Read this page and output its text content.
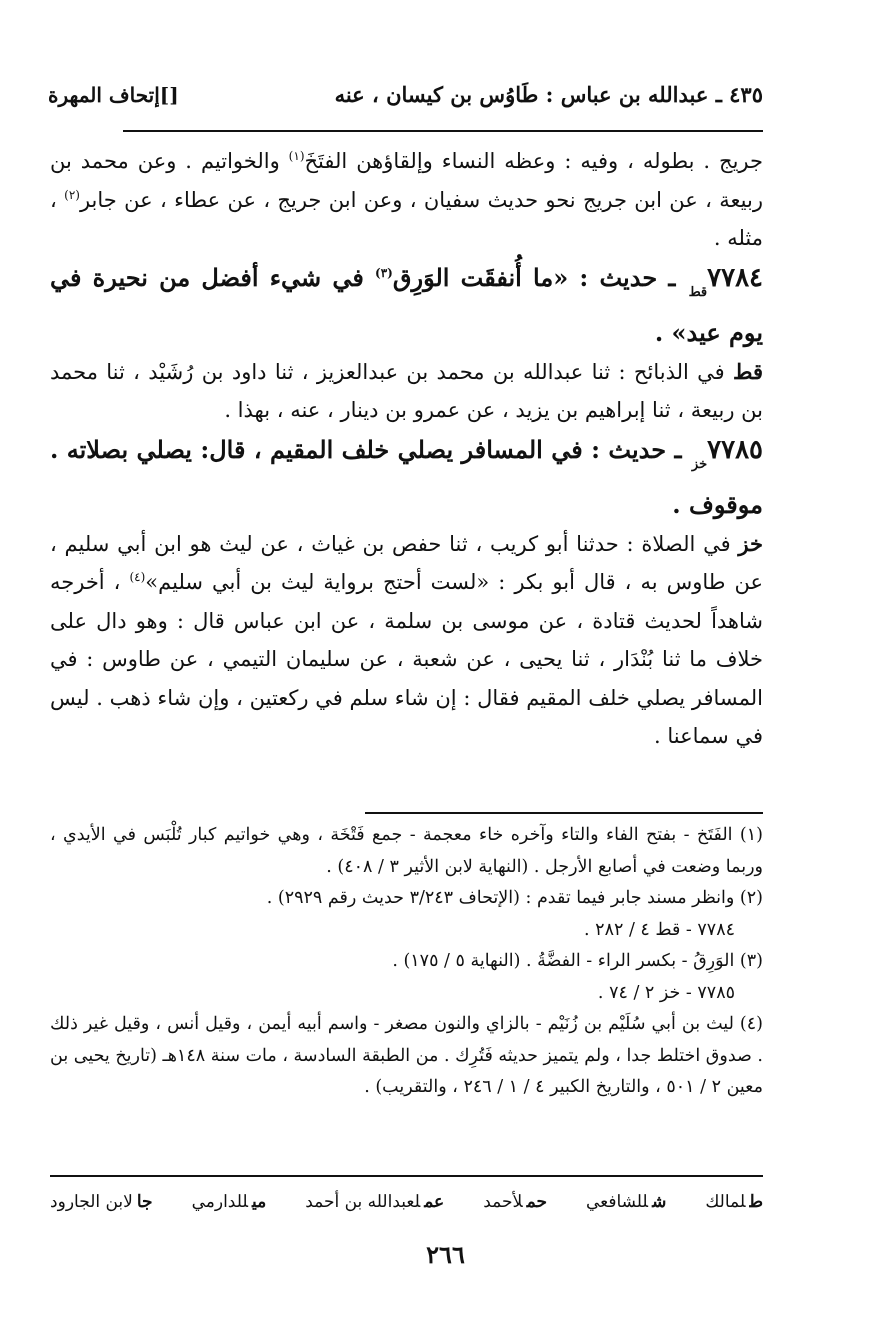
٤٣٥ ـ عبدالله بن عباس : طَاوُس بن كيسان ، عنه
[]إتحاف المهرة

جريج . بطوله ، وفيه : وعظه النساء وإلقاؤهن الفتَخَ$^{(١)}$ والخواتيم . وعن محمد بن ربيعة ، عن ابن جريج نحو حديث سفيان ، وعن ابن جريج ، عن عطاء ، عن جابر$^{(٢)}$ ، مثله .

$٧٧٨٤_{قط}$ ـ حديث : «ما أُنفقَت الوَرِق$^{(٣)}$ في شيء أفضل من نحيرة في يوم عيد» .

قط في الذبائح : ثنا عبدالله بن محمد بن عبدالعزيز ، ثنا داود بن رُشَيْد ، ثنا محمد بن ربيعة ، ثنا إبراهيم بن يزيد ، عن عمرو بن دينار ، عنه ، بهذا .

$٧٧٨٥_{خز}$ ـ حديث : في المسافر يصلي خلف المقيم ، قال: يصلي بصلاته . موقوف .

خز في الصلاة : حدثنا أبو كريب ، ثنا حفص بن غياث ، عن ليث هو ابن أبي سليم ، عن طاوس به ، قال أبو بكر : «لست أحتج برواية ليث بن أبي سليم»$^{(٤)}$ ، أخرجه شاهداً لحديث قتادة ، عن موسى بن سلمة ، عن ابن عباس قال : وهو دال على خلاف ما ثنا بُنْدَار ، ثنا يحيى ، عن شعبة ، عن سليمان التيمي ، عن طاوس : في المسافر يصلي خلف المقيم فقال : إن شاء سلم في ركعتين ، وإن شاء ذهب . ليس في سماعنا .

(١) الفَتَخ - بفتح الفاء والتاء وآخره خاء معجمة - جمع فَتْخَة ، وهي خواتيم كبار تُلْبَس في الأيدي ، وربما وضعت في أصابع الأرجل . (النهاية لابن الأثير ٣ / ٤٠٨) .

(٢) وانظر مسند جابر فيما تقدم : (الإتحاف ٣/٢٤٣ حديث رقم ٢٩٢٩) .

٧٧٨٤ - قط ٤ / ٢٨٢ .

(٣) الوَرِقُ - بكسر الراء - الفضَّةُ . (النهاية ٥ / ١٧٥) .

٧٧٨٥ - خز ٢ / ٧٤ .

(٤) ليث بن أبي سُلَيْم بن زُنَيْم - بالزاي والنون مصغر - واسم أبيه أيمن ، وقيل أنس ، وقيل غير ذلك . صدوق اختلط جدا ، ولم يتميز حديثه فَتُرِك . من الطبقة السادسة ، مات سنة ١٤٨هـ (تاريخ يحيى بن معين ٢ / ٥٠١ ، والتاريخ الكبير ٤ / ١ / ٢٤٦ ، والتقريب) .

طلمالك
شللشافعي
حملأحمد
عملعبدالله بن أحمد
ميللدارمي
جالابن الجارود
٢٦٦
